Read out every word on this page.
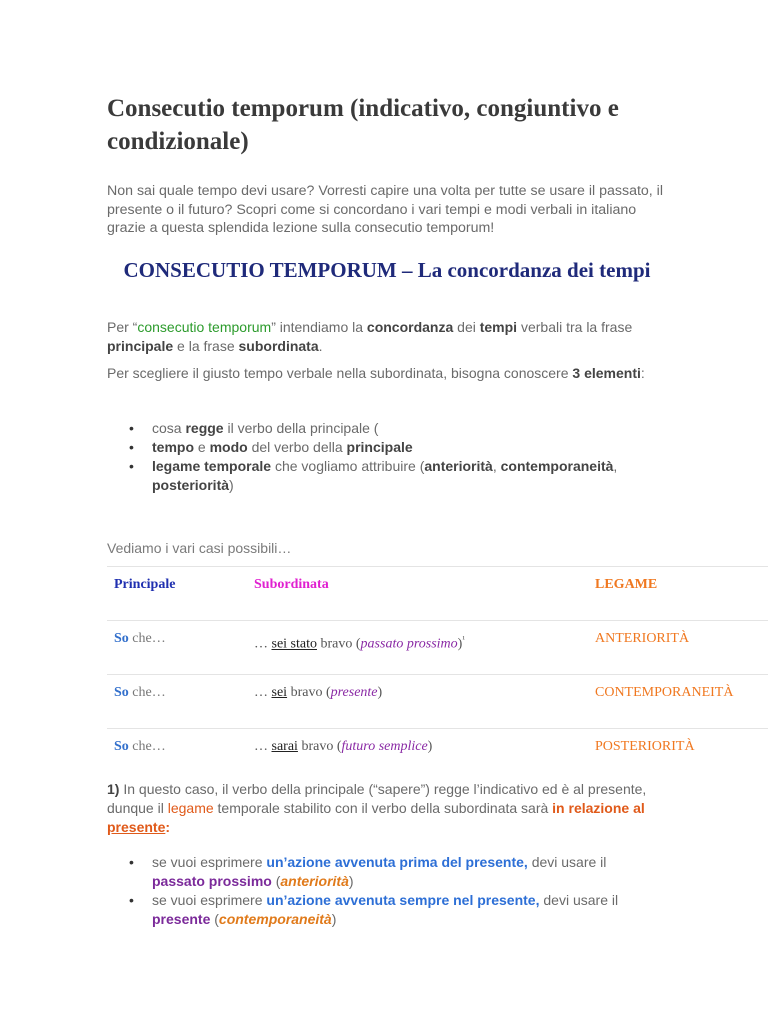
Consecutio temporum (indicativo, congiuntivo e condizionale)

Non sai quale tempo devi usare? Vorresti capire una volta per tutte se usare il passato, il presente o il futuro? Scopri come si concordano i vari tempi e modi verbali in italiano grazie a questa splendida lezione sulla consecutio temporum!

CONSECUTIO TEMPORUM – La concordanza dei tempi

Per “consecutio temporum” intendiamo la concordanza dei tempi verbali tra la frase principale e la frase subordinata.

Per scegliere il giusto tempo verbale nella subordinata, bisogna conoscere 3 elementi:

• cosa regge il verbo della principale (
• tempo e modo del verbo della principale
• legame temporale che vogliamo attribuire (anteriorità, contemporaneità, posteriorità)

Vediamo i vari casi possibili…

Principale	Subordinata	LEGAME
So che…	… sei stato bravo (passato prossimo)$^{^1}$	ANTERIORITÀ
So che…	… sei bravo (presente)	CONTEMPORANEITÀ
So che…	… sarai bravo (futuro semplice)	POSTERIORITÀ

1) In questo caso, il verbo della principale (“sapere”) regge l’indicativo ed è al presente, dunque il legame temporale stabilito con il verbo della subordinata sarà in relazione al presente:

• se vuoi esprimere un’azione avvenuta prima del presente, devi usare il passato prossimo (anteriorità)
• se vuoi esprimere un’azione avvenuta sempre nel presente, devi usare il presente (contemporaneità)
